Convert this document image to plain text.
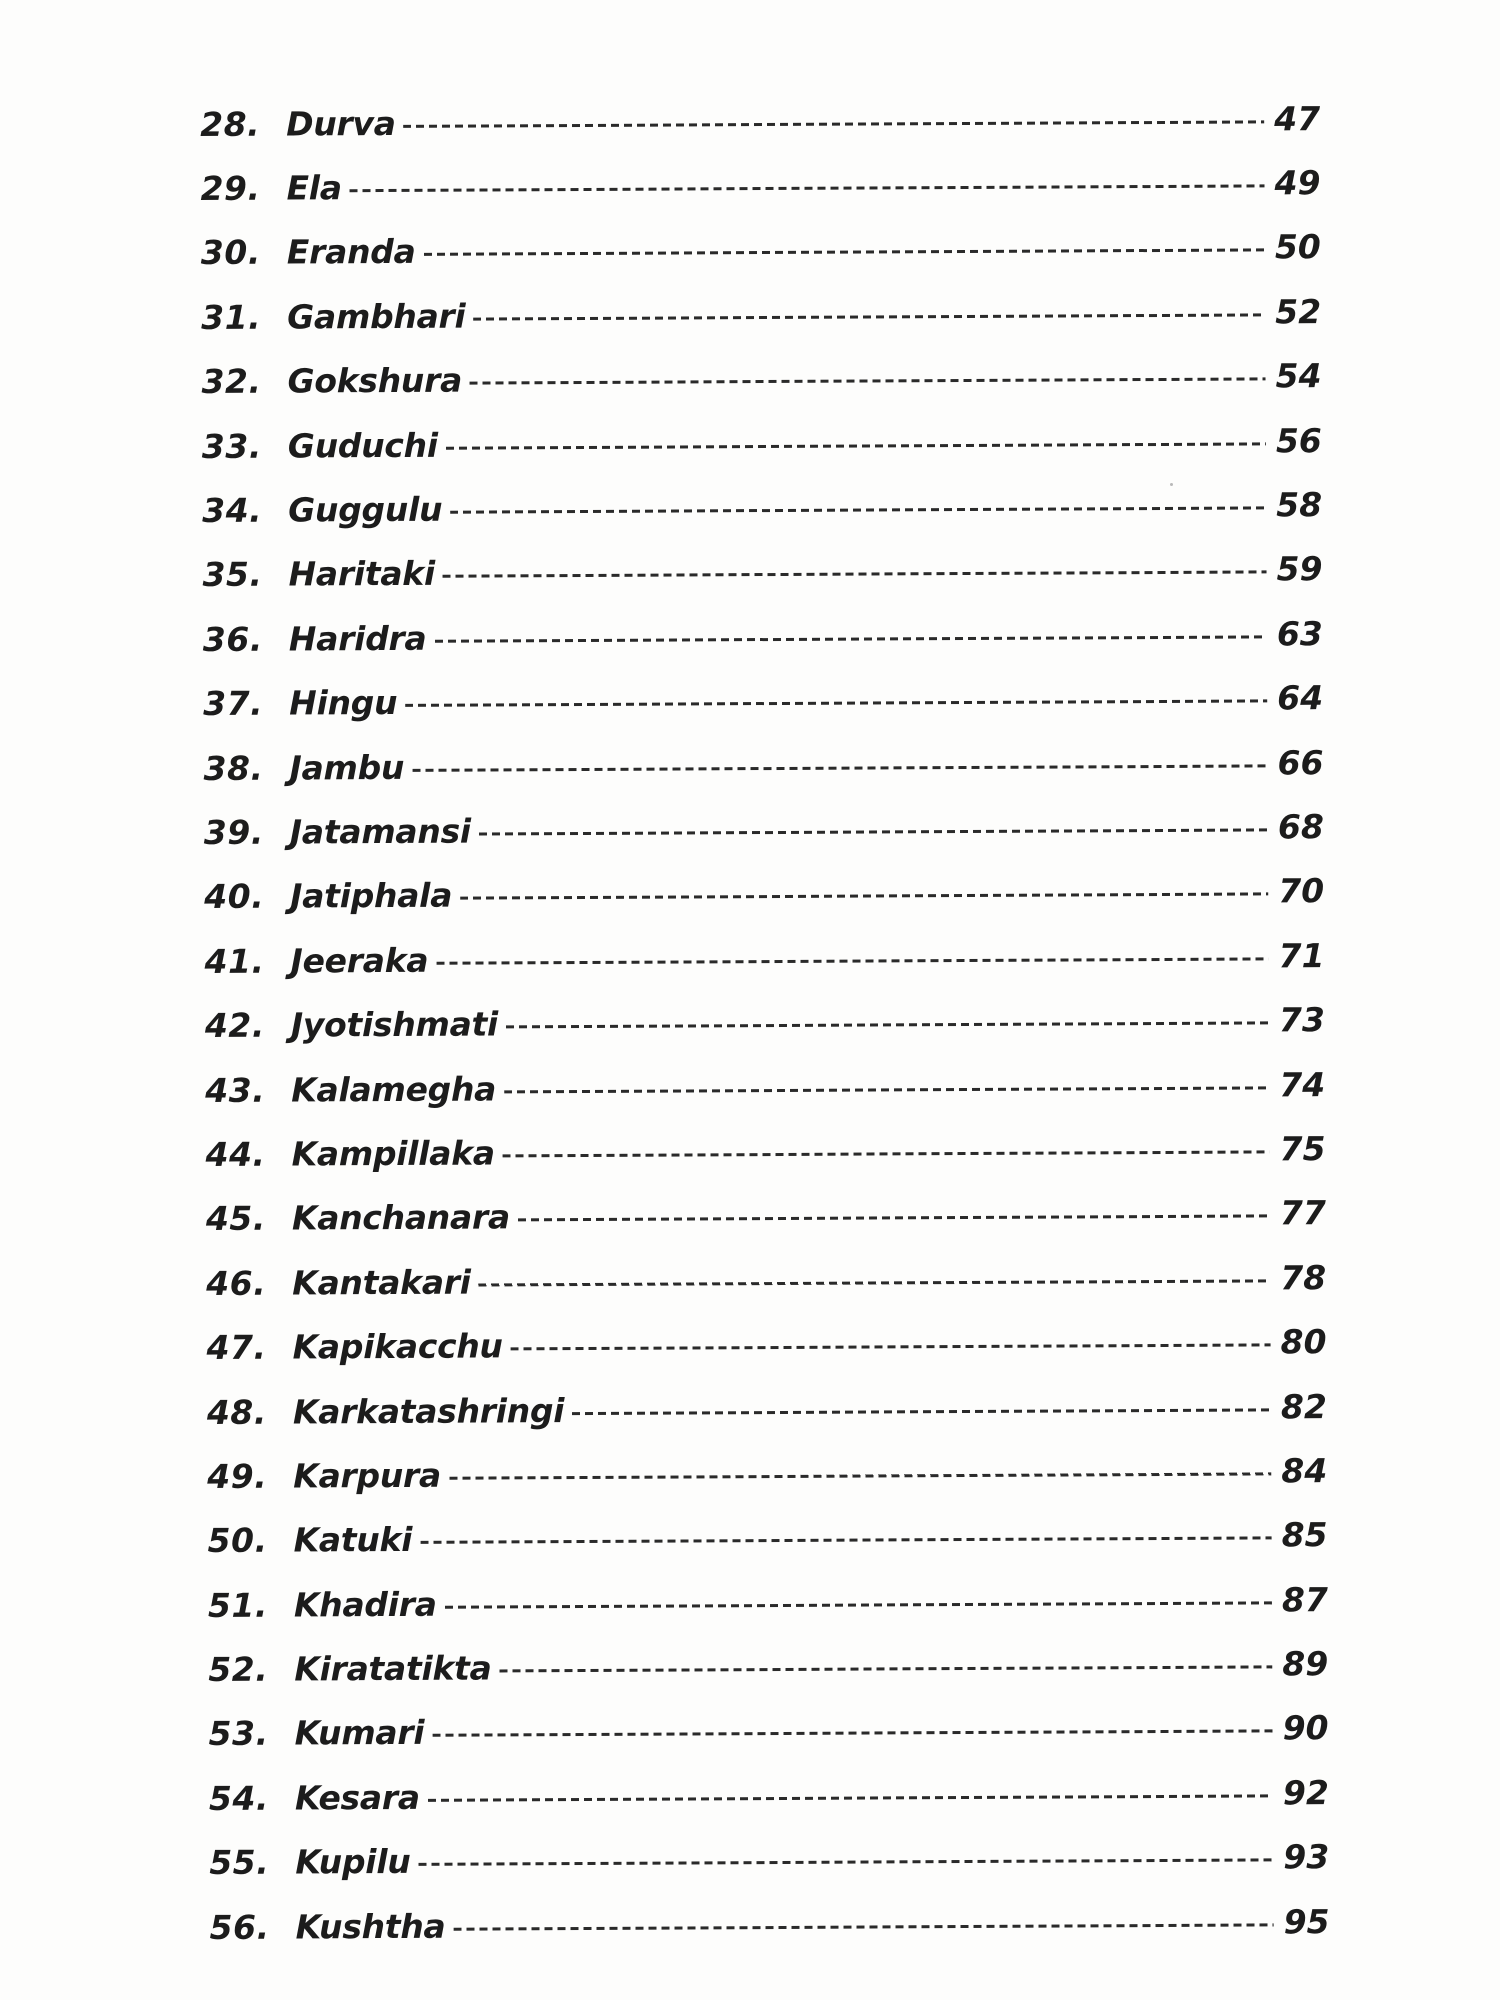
28. Durva	47
29. Ela	49
30. Eranda	50
31. Gambhari	52
32. Gokshura	54
33. Guduchi	56
34. Guggulu	58
35. Haritaki	59
36. Haridra	63
37. Hingu	64
38. Jambu	66
39. Jatamansi	68
40. Jatiphala	70
41. Jeeraka	71
42. Jyotishmati	73
43. Kalamegha	74
44. Kampillaka	75
45. Kanchanara	77
46. Kantakari	78
47. Kapikacchu	80
48. Karkatashringi	82
49. Karpura	84
50. Katuki	85
51. Khadira	87
52. Kiratatikta	89
53. Kumari	90
54. Kesara	92
55. Kupilu	93
56. Kushtha	95
